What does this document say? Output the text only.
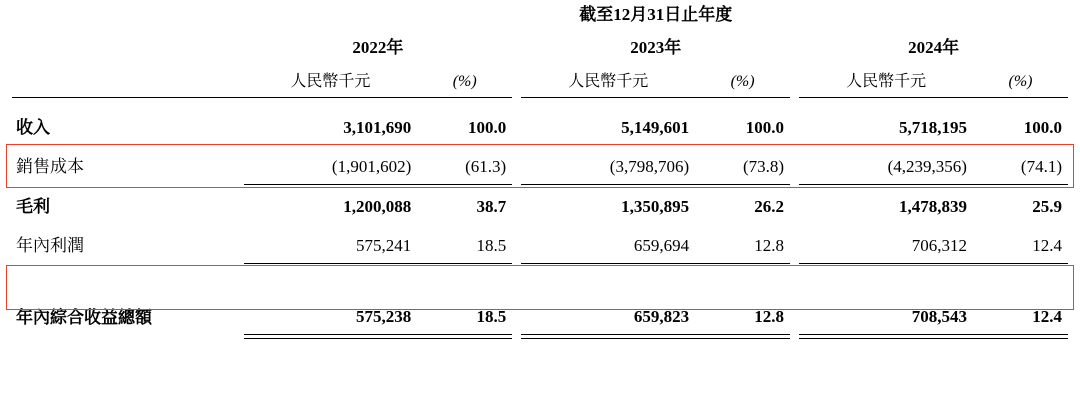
	截至12月31日止年度							
	2022年			2023年			2024年	
	人民幣千元	(%)		人民幣千元	(%)		人民幣千元	(%)

收入	3,101,690	100.0		5,149,601	100.0		5,718,195	100.0
銷售成本	(1,901,602)	(61.3)		(3,798,706)	(73.8)		(4,239,356)	(74.1)

毛利	1,200,088	38.7		1,350,895	26.2		1,478,839	25.9
年內利潤	575,241	18.5		659,694	12.8		706,312	12.4

年內綜合收益總額	575,238	18.5		659,823	12.8		708,543	12.4
